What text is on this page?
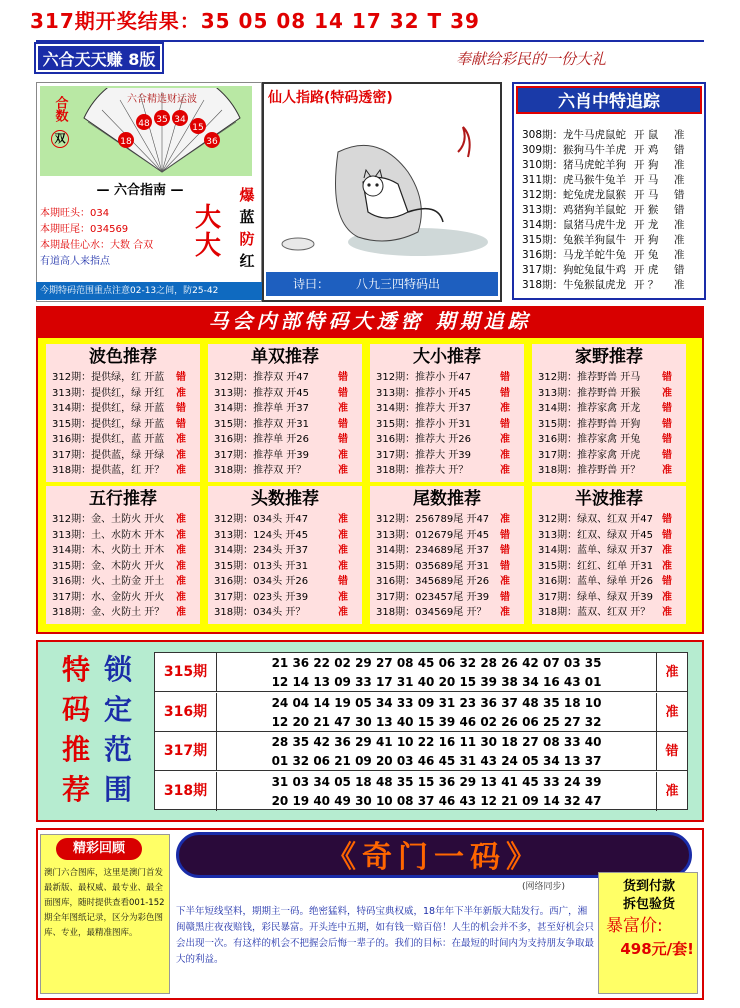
317期开奖结果：35 05 08 14 17 32 T 39
六合天天赚 8版	奉献给彩民的一份大礼
合数
双
六合精选财运波
18
48 35 34
15
36
— 六合指南 —
本期旺头：034
本期旺尾：034569
本期最佳心水：大数 合双
有道高人来指点
大
大
爆
蓝
防
红
今期特码范围重点注意02-13之间，防25-42
仙人指路(特码透密)
诗曰： 八九三四特码出
六肖中特追踪
308期：龙牛马虎鼠蛇 开 鼠 准
309期：猴狗马牛羊虎 开 鸡 错
310期：猪马虎蛇羊狗 开 狗 准
311期：虎马猴牛兔羊 开 马 准
312期：蛇兔虎龙鼠猴 开 马 错
313期：鸡猪狗羊鼠蛇 开 猴 错
314期：鼠猪马虎牛龙 开 龙 准
315期：兔猴羊狗鼠牛 开 狗 准
316期：马龙羊蛇牛兔 开 兔 准
317期：狗蛇兔鼠牛鸡 开 虎 错
318期：牛兔猴鼠虎龙 开 ？ 准
马会内部特码大透密 期期追踪
波色推荐
312期：提供绿，红 开蓝 错
313期：提供红，绿 开红 准
314期：提供红，绿 开蓝 错
315期：提供红，绿 开蓝 错
316期：提供红，蓝 开蓝 准
317期：提供蓝，绿 开绿 准
318期：提供蓝，红 开？ 准
单双推荐
312期：推荐双 开47	错
313期：推荐双 开45	错
314期：推荐单 开37	准
315期：推荐双 开31	错
316期：推荐单 开26	错
317期：推荐单 开39	准
318期：推荐双 开？	准
大小推荐
312期：推荐小 开47	错
313期：推荐小 开45	错
314期：推荐大 开37	准
315期：推荐小 开31	错
316期：推荐大 开26	准
317期：推荐大 开39	准
318期：推荐大 开？	准
家野推荐
312期：推荐野兽 开马 错
313期：推荐野兽 开猴 准
314期：推荐家禽 开龙 错
315期：推荐野兽 开狗 错
316期：推荐家禽 开兔 错
317期：推荐家禽 开虎 错
318期：推荐野兽 开？ 准
五行推荐
312期：金、土防火 开火 准
313期：土、水防木 开木 准
314期：木、火防土 开木 准
315期：金、木防火 开火 准
316期：火、土防金 开土 准
317期：水、金防火 开火 准
318期：金、火防土 开？ 准
头数推荐
312期：034头 开47	准
313期：124头 开45	准
314期：234头 开37	准
315期：013头 开31	准
316期：034头 开26	错
317期：023头 开39	准
318期：034头 开？	准
尾数推荐
312期：256789尾 开47 准
313期：012679尾 开45 错
314期：234689尾 开37 错
315期：035689尾 开31 错
316期：345689尾 开26 准
317期：023457尾 开39 错
318期：034569尾 开？ 准
半波推荐
312期：绿双、红双 开47 错
313期：红双、绿双 开45 错
314期：蓝单、绿双 开37 准
315期：红红、红单 开31 准
316期：蓝单、绿单 开26 错
317期：绿单、绿双 开39 准
318期：蓝双、红双 开？ 准
特
码
推
荐
锁
定
范
围
315期
21 36 22 02 29 27 08 45 06 32 28 26 42 07 03 35
12 14 13 09 33 17 31 40 20 15 39 38 34 16 43 01
准
316期
24 04 14 19 05 34 33 09 31 23 36 37 48 35 18 10
12 20 21 47 30 13 40 15 39 46 02 26 06 25 27 32
准
317期
28 35 42 36 29 41 10 22 16 11 30 18 27 08 33 40
01 32 06 21 09 20 03 46 45 31 43 24 05 34 13 37
错
318期
31 03 34 05 18 48 35 15 36 29 13 41 45 33 24 39
20 19 40 49 30 10 08 37 46 43 12 21 09 14 32 47
准
精彩回顾
澳门六合图库，这里是澳门首发最新版、最权威、最专业、最全面图库，随时提供查看001-152期全年图纸记录，区分为彩色图库、专业，最精准图库。
《奇门一码》
(网络同步)	货到付款
拆包验货
暴富价:
498元/套!
下半年短线坚料，期期主一码。绝密猛料，特码宝典权威，18年年下半年新版大陆发行。西广，湘闽赣黑庄夜夜赔钱，彩民暴富。开头连中五期，如有钱一赔百倍！人生的机会并不多，甚至好机会只会出现一次。有这样的机会不把握会后悔一辈子的。我们的目标：在最短的时间内为支持朋友争取最大的利益。
